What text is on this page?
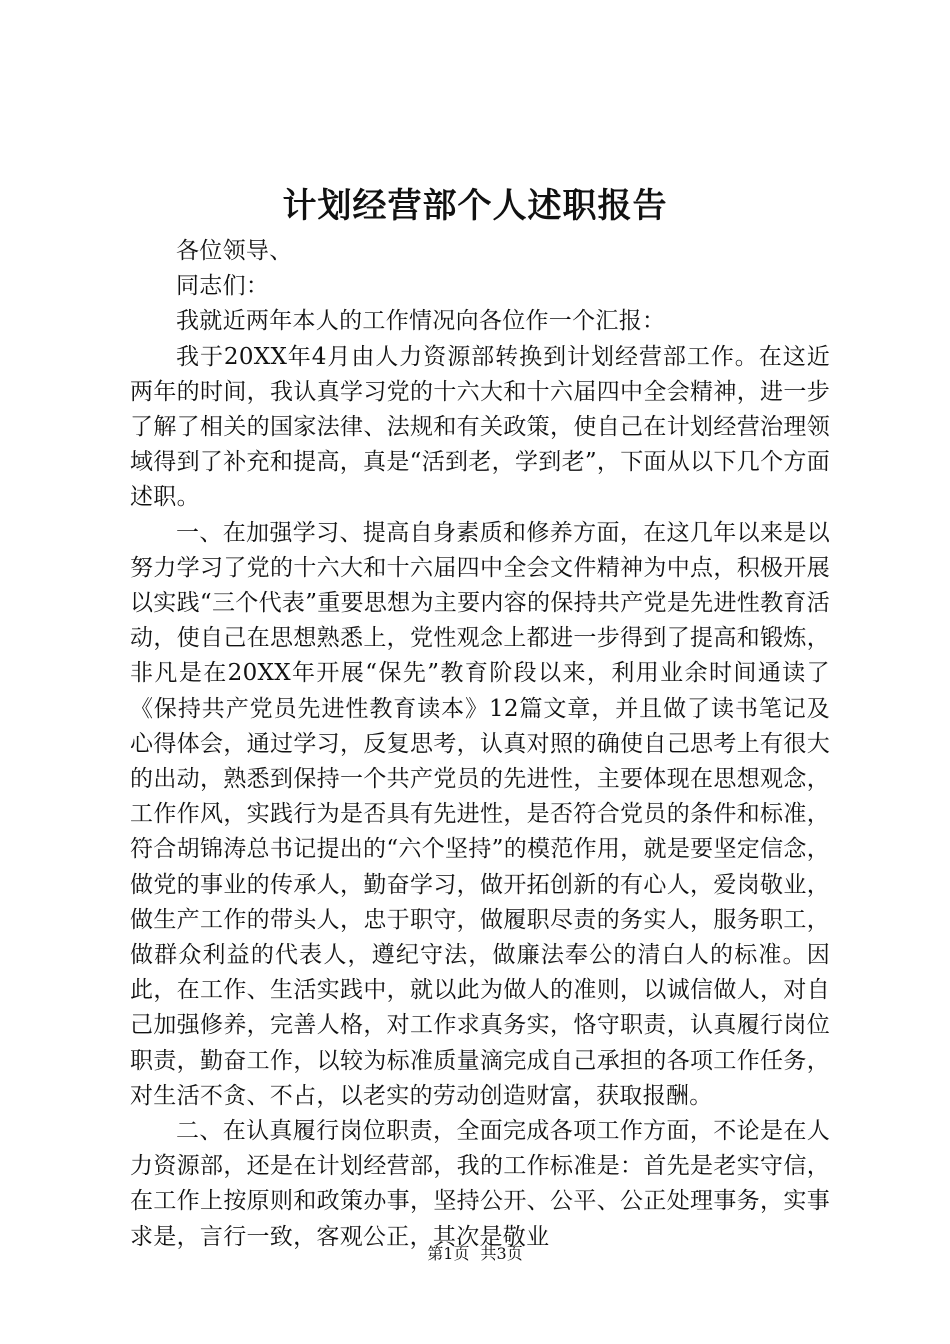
计划经营部个人述职报告

各位领导、

同志们：

我就近两年本人的工作情况向各位作一个汇报：

我于20XX年4月由人力资源部转换到计划经营部工作。在这近两年的时间，我认真学习党的十六大和十六届四中全会精神，进一步了解了相关的国家法律、法规和有关政策，使自己在计划经营治理领域得到了补充和提高，真是“活到老，学到老”，下面从以下几个方面述职。

一、在加强学习、提高自身素质和修养方面，在这几年以来是以努力学习了党的十六大和十六届四中全会文件精神为中点，积极开展以实践“三个代表”重要思想为主要内容的保持共产党是先进性教育活动，使自己在思想熟悉上，党性观念上都进一步得到了提高和锻炼，非凡是在20XX年开展“保先”教育阶段以来，利用业余时间通读了《保持共产党员先进性教育读本》12篇文章，并且做了读书笔记及心得体会，通过学习，反复思考，认真对照的确使自己思考上有很大的出动，熟悉到保持一个共产党员的先进性，主要体现在思想观念，工作作风，实践行为是否具有先进性，是否符合党员的条件和标准，符合胡锦涛总书记提出的“六个坚持”的模范作用，就是要坚定信念，做党的事业的传承人，勤奋学习，做开拓创新的有心人，爱岗敬业，做生产工作的带头人，忠于职守，做履职尽责的务实人，服务职工，做群众利益的代表人，遵纪守法，做廉法奉公的清白人的标准。因此，在工作、生活实践中，就以此为做人的准则，以诚信做人，对自己加强修养，完善人格，对工作求真务实，恪守职责，认真履行岗位职责，勤奋工作，以较为标准质量滴完成自己承担的各项工作任务，对生活不贪、不占，以老实的劳动创造财富，获取报酬。

二、在认真履行岗位职责，全面完成各项工作方面，不论是在人力资源部，还是在计划经营部，我的工作标准是：首先是老实守信，在工作上按原则和政策办事，坚持公开、公平、公正处理事务，实事求是，言行一致，客观公正，其次是敬业

第1页 共3页
